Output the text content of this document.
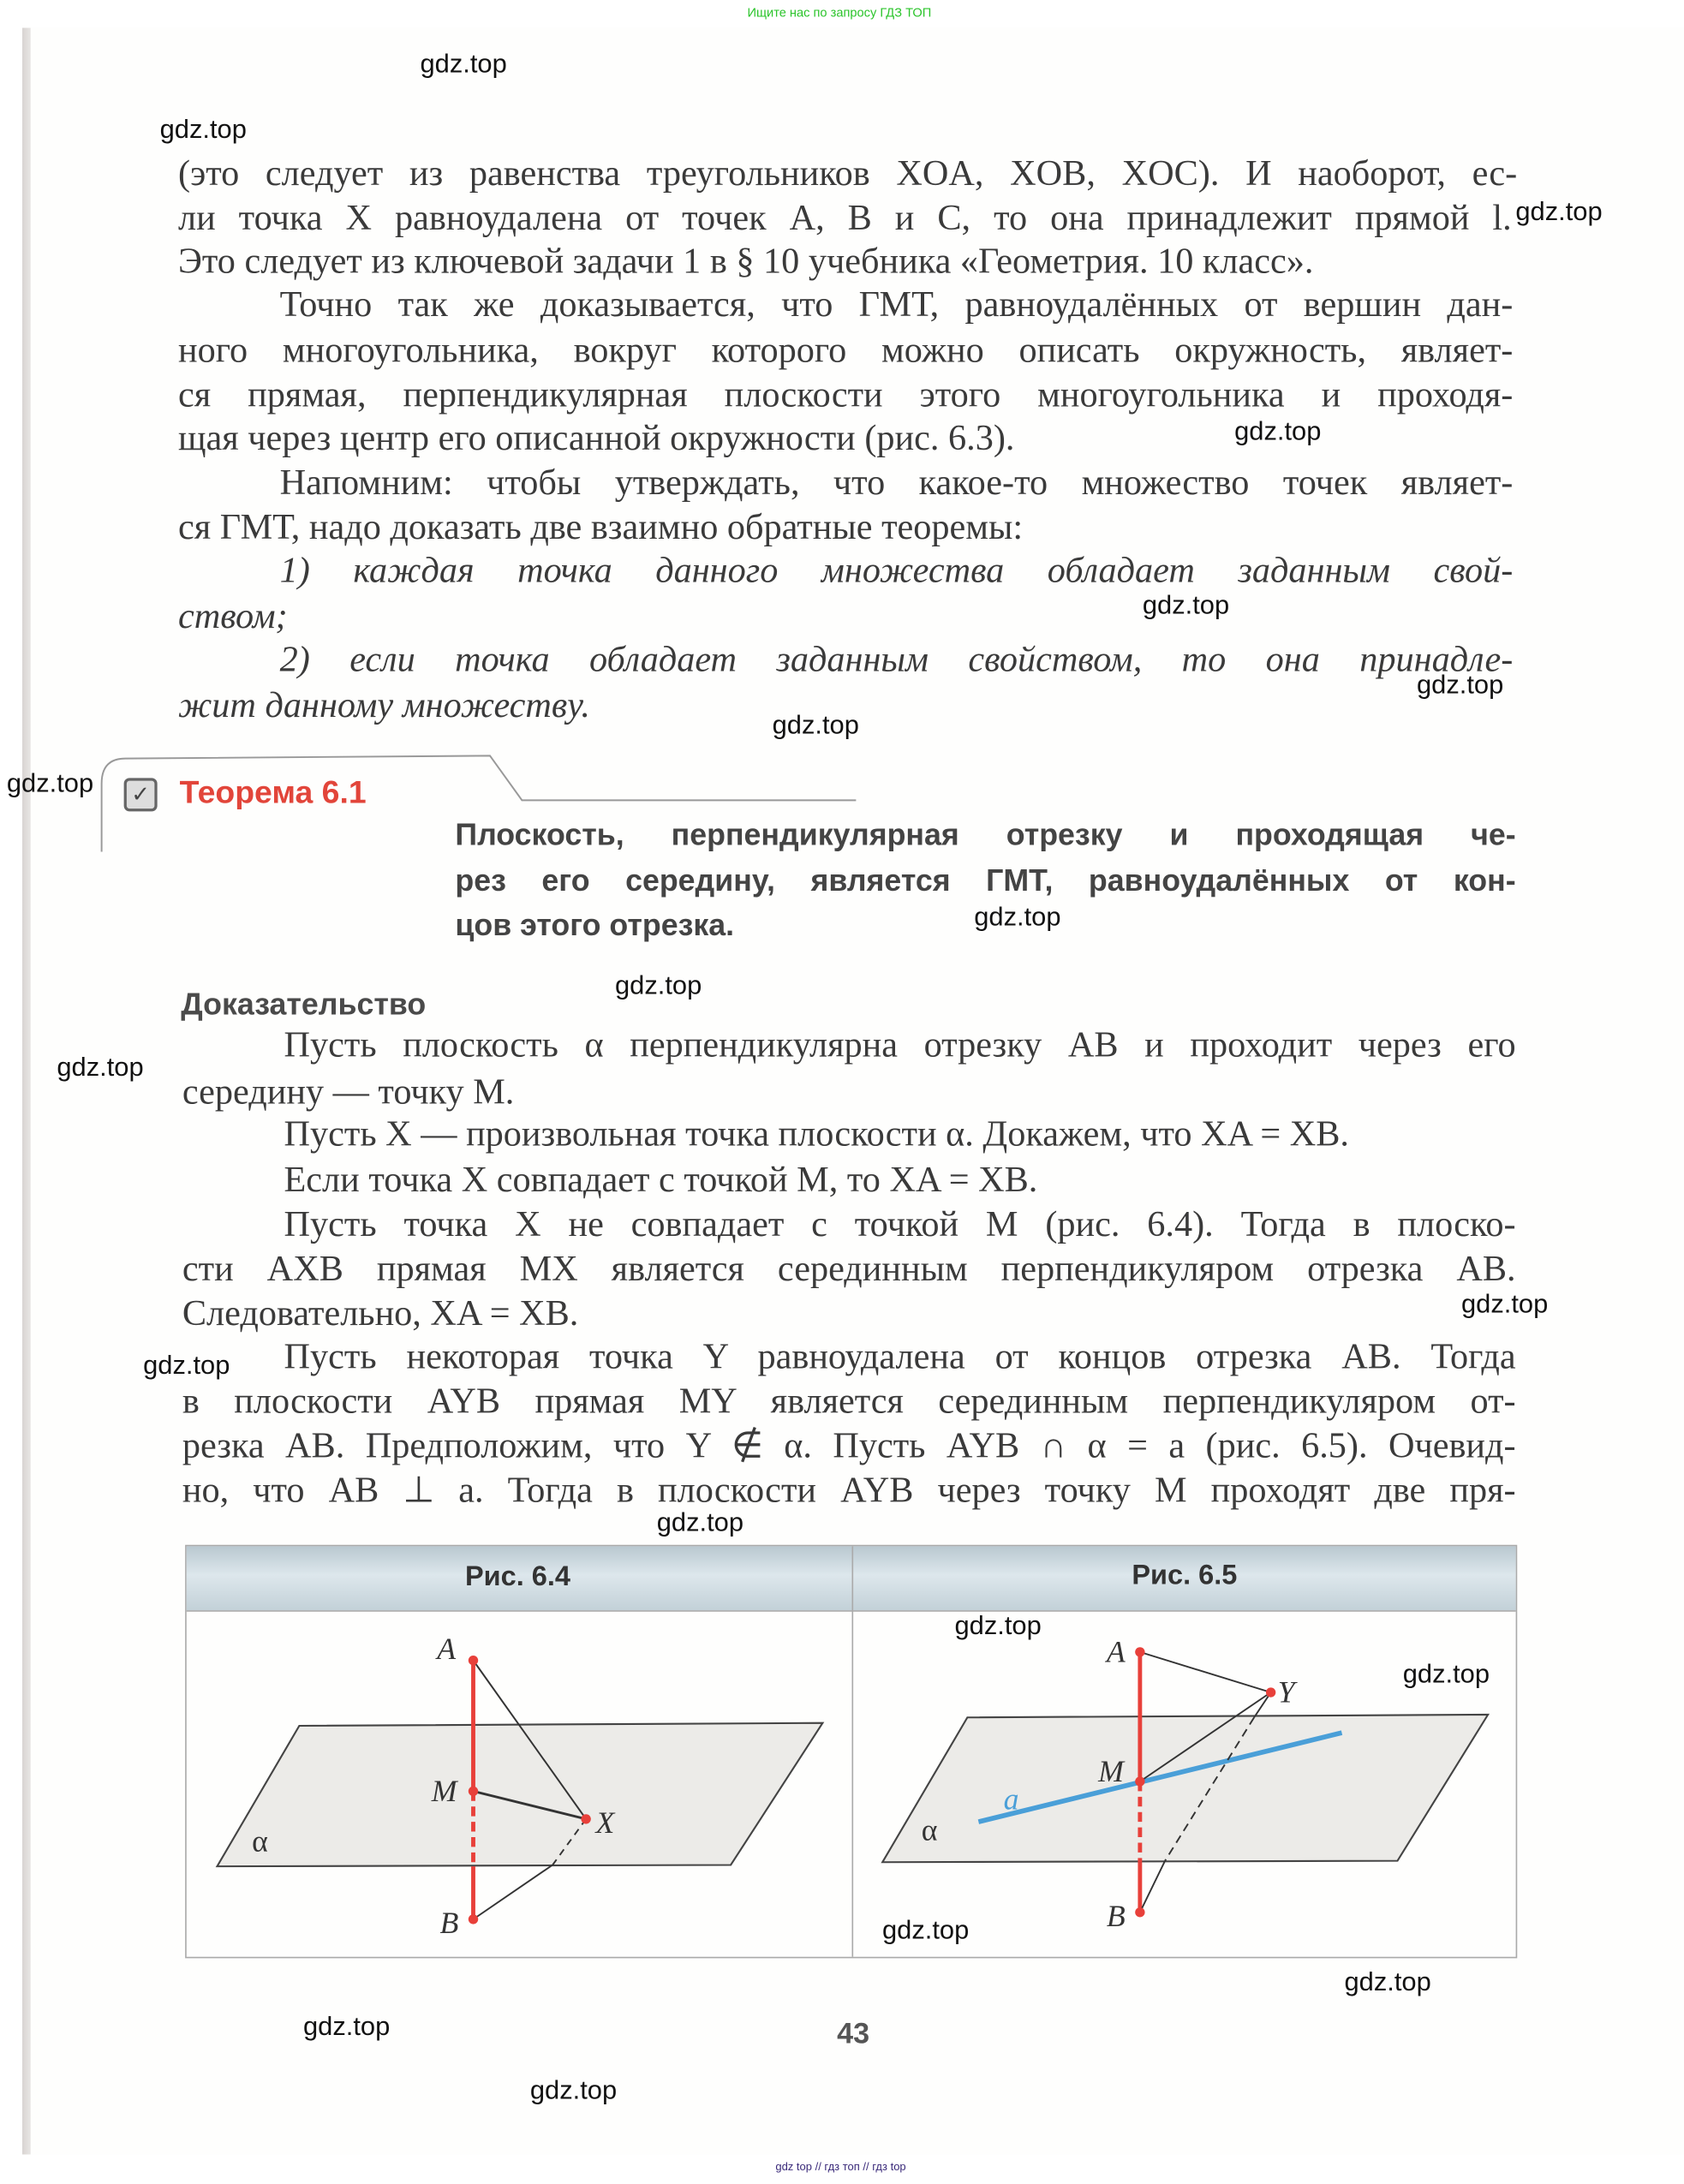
Ищите нас по запросу ГДЗ ТОП
(это следует из равенства треугольников XOA, XOB, XOC). И наоборот, ес-
ли точка X равноудалена от точек A, B и C, то она принадлежит прямой l.
Это следует из ключевой задачи 1 в § 10 учебника «Геометрия. 10 класс».
Точно так же доказывается, что ГМТ, равноудалённых от вершин дан-
ного многоугольника, вокруг которого можно описать окружность, являет-
ся прямая, перпендикулярная плоскости этого многоугольника и проходя-
щая через центр его описанной окружности (рис. 6.3).
Напомним: чтобы утверждать, что какое-то множество точек являет-
ся ГМТ, надо доказать две взаимно обратные теоремы:
1) каждая точка данного множества обладает заданным свой-
ством;
2) если точка обладает заданным свойством, то она принадле-
жит данному множеству.
✓	Теорема 6.1
Плоскость, перпендикулярная отрезку и проходящая че-
рез его середину, является ГМТ, равноудалённых от кон-
цов этого отрезка.
Доказательство
Пусть плоскость α перпендикулярна отрезку AB и проходит через его
середину — точку M.
Пусть X — произвольная точка плоскости α. Докажем, что XA = XB.
Если точка X совпадает с точкой M, то XA = XB.
Пусть точка X не совпадает с точкой M (рис. 6.4). Тогда в плоско-
сти AXB прямая MX является серединным перпендикуляром отрезка AB.
Следовательно, XA = XB.
Пусть некоторая точка Y равноудалена от концов отрезка AB. Тогда
в плоскости AYB прямая MY является серединным перпендикуляром от-
резка AB. Предположим, что Y ∉ α. Пусть AYB ∩ α = a (рис. 6.5). Очевид-
но, что AB ⊥ a. Тогда в плоскости AYB через точку M проходят две пря-
Рис. 6.4	Рис. 6.5
A
M
X
B
α
A
Y
M
B
a
α
43
gdz top // гдз топ // гдз top
gdz.top
gdz.top
gdz.top
gdz.top
gdz.top
gdz.top
gdz.top
gdz.top
gdz.top
gdz.top
gdz.top
gdz.top
gdz.top
gdz.top
gdz.top
gdz.top
gdz.top
gdz.top
gdz.top
gdz.top
